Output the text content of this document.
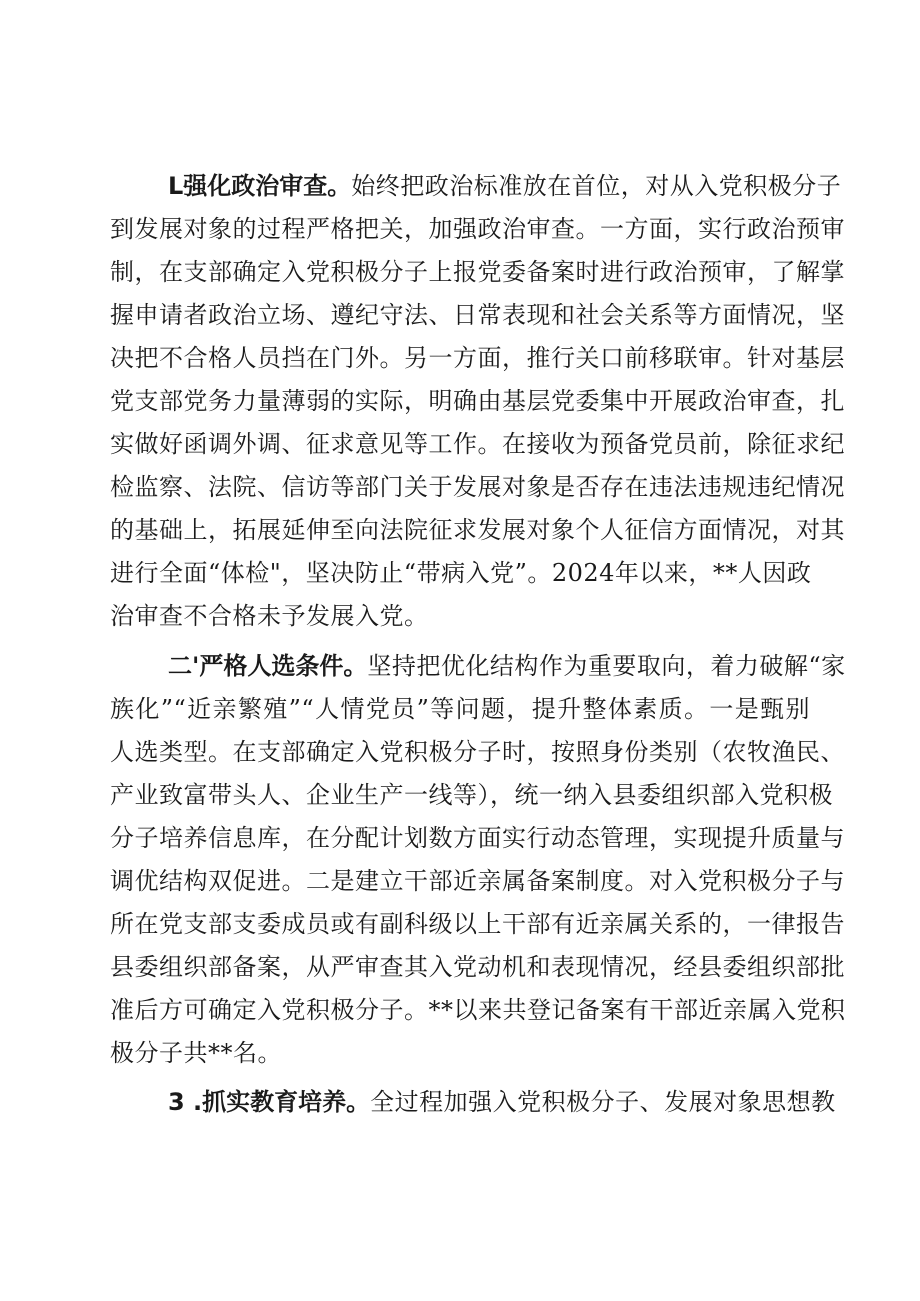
L强化政治审查。始终把政治标准放在首位，对从入党积极分子
到发展对象的过程严格把关，加强政治审查。一方面，实行政治预审
制，在支部确定入党积极分子上报党委备案时进行政治预审，了解掌
握申请者政治立场、遵纪守法、日常表现和社会关系等方面情况，坚
决把不合格人员挡在门外。另一方面，推行关口前移联审。针对基层
党支部党务力量薄弱的实际，明确由基层党委集中开展政治审查，扎
实做好函调外调、征求意见等工作。在接收为预备党员前，除征求纪
检监察、法院、信访等部门关于发展对象是否存在违法违规违纪情况
的基础上，拓展延伸至向法院征求发展对象个人征信方面情况，对其
进行全面“体检"，坚决防止“带病入党”。2024年以来，**人因政
治审查不合格未予发展入党。
二'严格人选条件。坚持把优化结构作为重要取向，着力破解“家
族化”“近亲繁殖”“人情党员”等问题，提升整体素质。一是甄别
人选类型。在支部确定入党积极分子时，按照身份类别（农牧渔民、
产业致富带头人、企业生产一线等），统一纳入县委组织部入党积极
分子培养信息库，在分配计划数方面实行动态管理，实现提升质量与
调优结构双促进。二是建立干部近亲属备案制度。对入党积极分子与
所在党支部支委成员或有副科级以上干部有近亲属关系的，一律报告
县委组织部备案，从严审查其入党动机和表现情况，经县委组织部批
准后方可确定入党积极分子。**以来共登记备案有干部近亲属入党积
极分子共**名。
3 .抓实教育培养。全过程加强入党积极分子、发展对象思想教
